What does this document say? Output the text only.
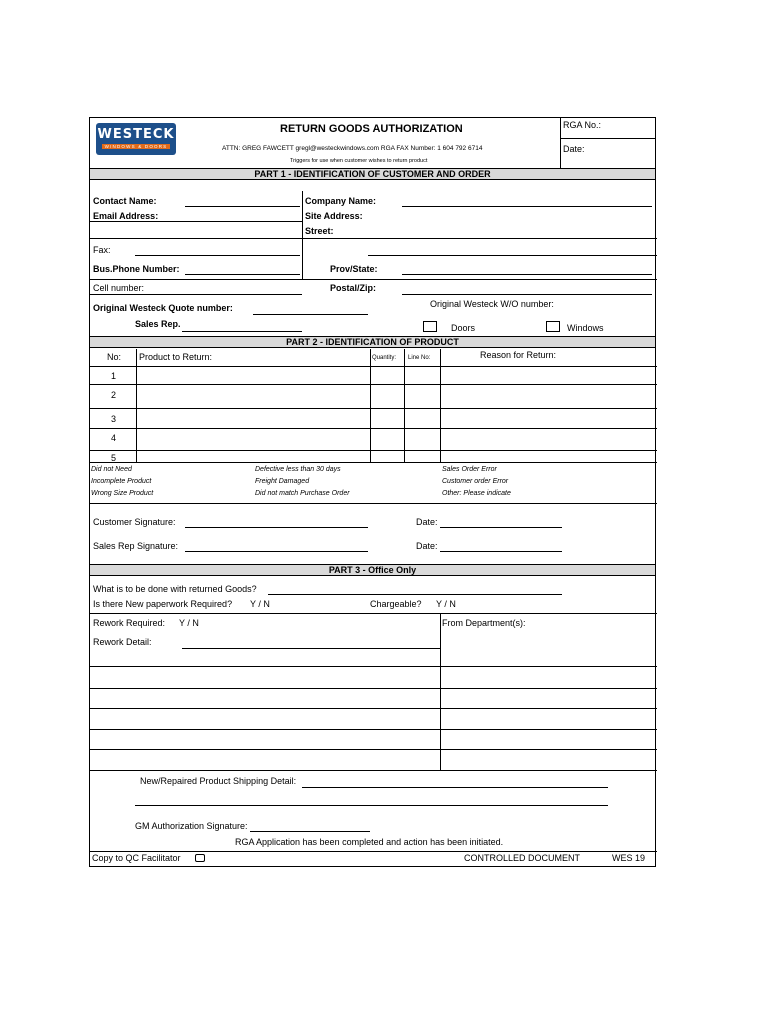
WESTECK
WINDOWS & DOORS
RETURN GOODS AUTHORIZATION
ATTN: GREG FAWCETT gregl@westeckwindows.com RGA FAX Number: 1 604 792 6714
Triggers for use when customer wishes to return product
RGA No.:
Date:
PART 1 - IDENTIFICATION OF CUSTOMER AND ORDER
Contact Name:
Email Address:
Company Name:
Site Address:
Street:
Fax:
Bus.Phone Number:	Prov/State:
Cell number:	Postal/Zip:
Original Westeck Quote number:	Original Westeck W/O number:
Sales Rep.	Doors	Windows
PART 2 - IDENTIFICATION OF PRODUCT
No: Product to Return:	Quantity: Line No:	Reason for Return:
1
2
3
4
5
Did not Need
Incomplete Product
Wrong Size Product
Defective less than 30 days
Freight Damaged
Did not match Purchase Order
Sales Order Error
Customer order Error
Other: Please indicate
Customer Signature:	Date:
Sales Rep Signature:	Date:
PART 3 - Office Only
What is to be done with returned Goods?
Is there New paperwork Required? Y / N	Chargeable? Y / N
Rework Required: Y / N	From Department(s):
Rework Detail:
New/Repaired Product Shipping Detail:
GM Authorization Signature:
RGA Application has been completed and action has been initiated.
Copy to QC Facilitator	CONTROLLED DOCUMENT	WES 19
